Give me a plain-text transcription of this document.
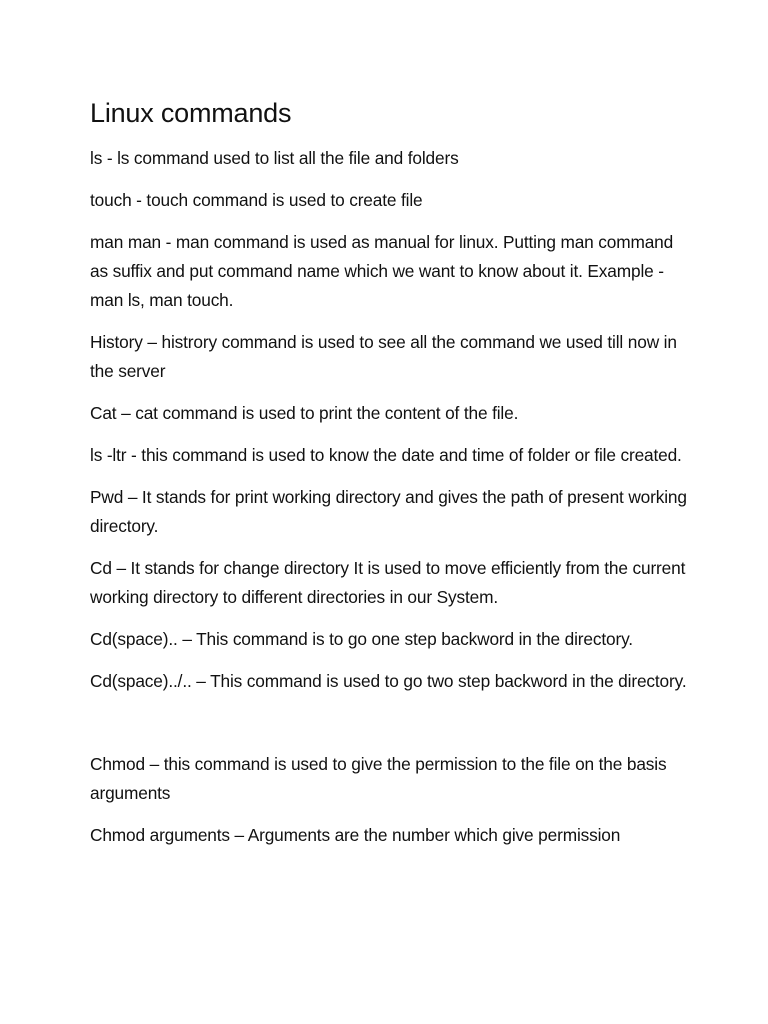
Linux commands

ls - ls command used to list all the file and folders

touch - touch command is used to create file

man man - man command is used as manual for linux. Putting man command as suffix and put command name which we want to know about it. Example - man ls, man touch.

History – histrory command is used to see all the command we used till now in the server

Cat – cat command is used to print the content of the file.

ls -ltr - this command is used to know the date and time of folder or file created.

Pwd – It stands for print working directory and gives the path of present working directory.

Cd – It stands for change directory It is used to move efficiently from the current working directory to different directories in our System.

Cd(space).. – This command is to go one step backword in the directory.

Cd(space)../.. – This command is used to go two step backword in the directory.

Chmod – this command is used to give the permission to the file on the basis arguments

Chmod arguments – Arguments are the number which give permission
